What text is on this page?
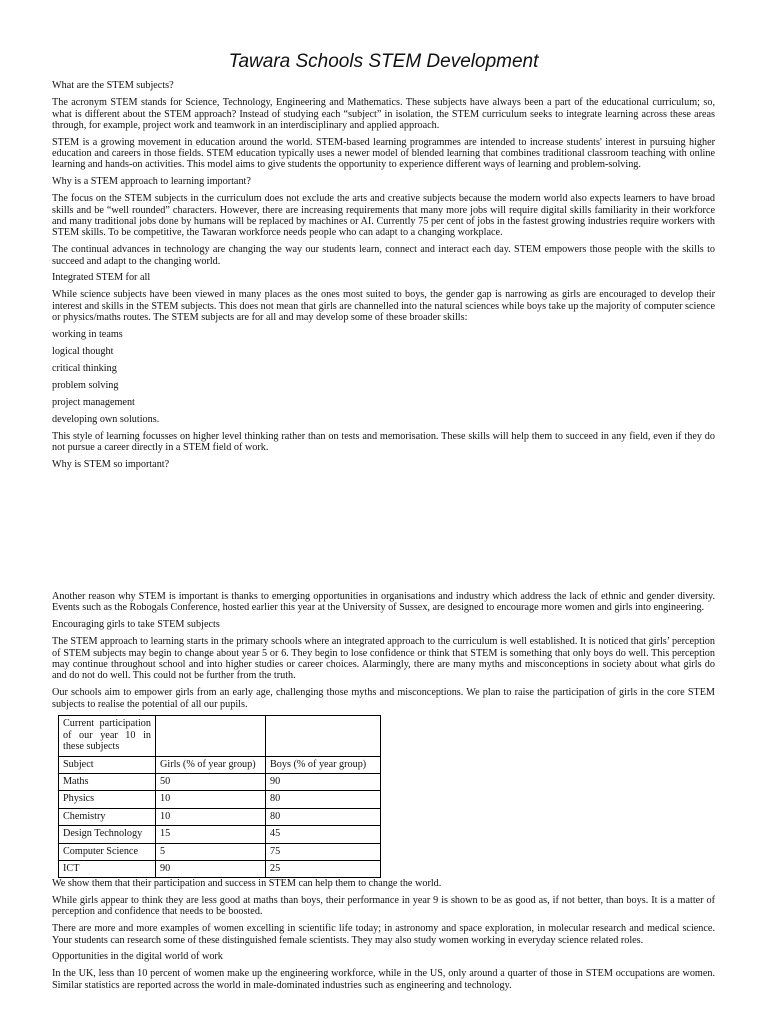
Tawara Schools STEM Development

What are the STEM subjects?

The acronym STEM stands for Science, Technology, Engineering and Mathematics. These subjects have always been a part of the educational curriculum; so, what is different about the STEM approach? Instead of studying each “subject” in isolation, the STEM curriculum seeks to integrate learning across these areas through, for example, project work and teamwork in an interdisciplinary and applied approach.

STEM is a growing movement in education around the world. STEM-based learning programmes are intended to increase students' interest in pursuing higher education and careers in those fields. STEM education typically uses a newer model of blended learning that combines traditional classroom teaching with online learning and hands-on activities. This model aims to give students the opportunity to experience different ways of learning and problem-solving.

Why is a STEM approach to learning important?

The focus on the STEM subjects in the curriculum does not exclude the arts and creative subjects because the modern world also expects learners to have broad skills and be “well rounded” characters. However, there are increasing requirements that many more jobs will require digital skills familiarity in their workforce and many traditional jobs done by humans will be replaced by machines or AI. Currently 75 per cent of jobs in the fastest growing industries require workers with STEM skills. To be competitive, the Tawaran workforce needs people who can adapt to a changing workplace.

The continual advances in technology are changing the way our students learn, connect and interact each day. STEM empowers those people with the skills to succeed and adapt to the changing world.

Integrated STEM for all

While science subjects have been viewed in many places as the ones most suited to boys, the gender gap is narrowing as girls are encouraged to develop their interest and skills in the STEM subjects. This does not mean that girls are channelled into the natural sciences while boys take up the majority of computer science or physics/maths routes. The STEM subjects are for all and may develop some of these broader skills:

working in teams

logical thought

critical thinking

problem solving

project management

developing own solutions.

This style of learning focusses on higher level thinking rather than on tests and memorisation. These skills will help them to succeed in any field, even if they do not pursue a career directly in a STEM field of work.

Why is STEM so important?

Another reason why STEM is important is thanks to emerging opportunities in organisations and industry which address the lack of ethnic and gender diversity. Events such as the Robogals Conference, hosted earlier this year at the University of Sussex, are designed to encourage more women and girls into engineering.

Encouraging girls to take STEM subjects

The STEM approach to learning starts in the primary schools where an integrated approach to the curriculum is well established. It is noticed that girls’ perception of STEM subjects may begin to change about year 5 or 6. They begin to lose confidence or think that STEM is something that only boys do well. This perception may continue throughout school and into higher studies or career choices. Alarmingly, there are many myths and misconceptions in society about what girls do and do not do well. This could not be further from the truth.

Our schools aim to empower girls from an early age, challenging those myths and misconceptions. We plan to raise the participation of girls in the core STEM subjects to realise the potential of all our pupils.

Current participation of our year 10 in these subjects		
Subject	Girls (% of year group)	Boys (% of year group)
Maths	50	90
Physics	10	80
Chemistry	10	80
Design Technology	15	45
Computer Science	5	75
ICT	90	25

We show them that their participation and success in STEM can help them to change the world.

While girls appear to think they are less good at maths than boys, their performance in year 9 is shown to be as good as, if not better, than boys. It is a matter of perception and confidence that needs to be boosted.

There are more and more examples of women excelling in scientific life today; in astronomy and space exploration, in molecular research and medical science. Your students can research some of these distinguished female scientists. They may also study women working in everyday science related roles.

Opportunities in the digital world of work

In the UK, less than 10 percent of women make up the engineering workforce, while in the US, only around a quarter of those in STEM occupations are women. Similar statistics are reported across the world in male-dominated industries such as engineering and technology.
